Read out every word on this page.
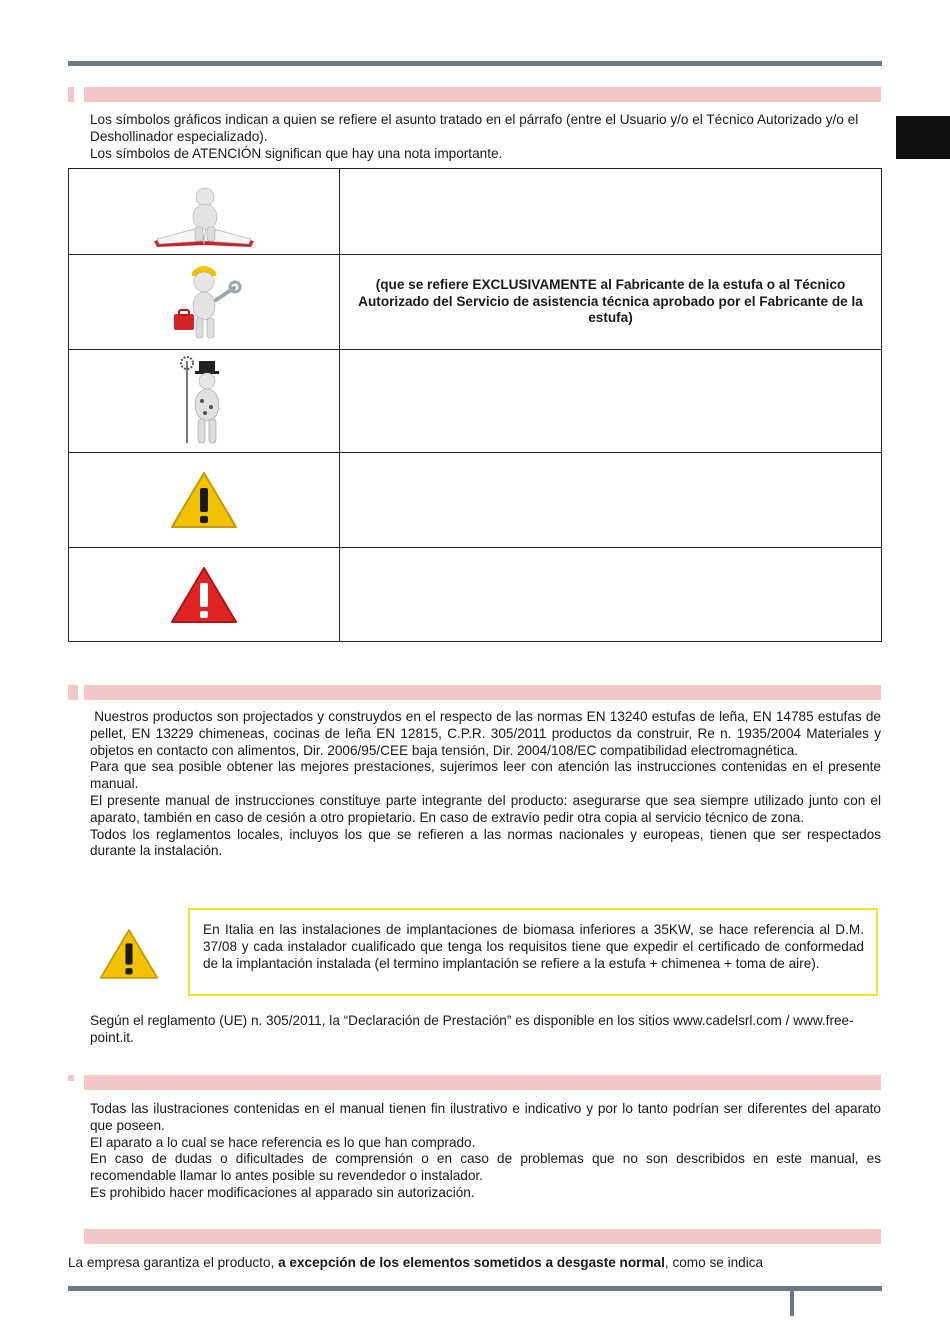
Los símbolos gráficos indican a quien se refiere el asunto tratado en el párrafo (entre el Usuario y/o el Técnico Autorizado y/o el Deshollinador especializado).

Los símbolos de ATENCIÓN significan que hay una nota importante.

	(que se refiere EXCLUSIVAMENTE al Fabricante de la estufa o al Técnico Autorizado del Servicio de asistencia técnica aprobado por el Fabricante de la estufa)

Nuestros productos son projectados y construydos en el respecto de las normas EN 13240 estufas de leña, EN 14785 estufas de pellet, EN 13229 chimeneas, cocinas de leña EN 12815, C.P.R. 305/2011 productos da construir, Re n. 1935/2004 Materiales y objetos en contacto con alimentos, Dir. 2006/95/CEE baja tensión, Dir. 2004/108/EC compatibilidad electromagnética.

Para que sea posible obtener las mejores prestaciones, sujerimos leer con atención las instrucciones contenidas en el presente manual.

El presente manual de instrucciones constituye parte integrante del producto: asegurarse que sea siempre utilizado junto con el aparato, también en caso de cesión a otro propietario. En caso de extravío pedir otra copia al servicio técnico de zona.

Todos los reglamentos locales, incluyos los que se refieren a las normas nacionales y europeas, tienen que ser respectados durante la instalación.

En Italia en las instalaciones de implantaciones de biomasa inferiores a 35KW, se hace referencia al D.M. 37/08 y cada instalador cualificado que tenga los requisitos tiene que expedir el certificado de conformedad de la implantación instalada (el termino implantación se refiere a la estufa + chimenea + toma de aire).
Según el reglamento (UE) n. 305/2011, la “Declaración de Prestación” es disponible en los sitios www.cadelsrl.com / www.free-point.it.

Todas las ilustraciones contenidas en el manual tienen fin ilustrativo e indicativo y por lo tanto podrían ser diferentes del aparato que poseen.

El aparato a lo cual se hace referencia es lo que han comprado.

En caso de dudas o dificultades de comprensión o en caso de problemas que no son describidos en este manual, es recomendable llamar lo antes posible su revendedor o instalador.

Es prohibido hacer modificaciones al apparado sin autorización.

La empresa garantiza el producto, a excepción de los elementos sometidos a desgaste normal, como se indica
